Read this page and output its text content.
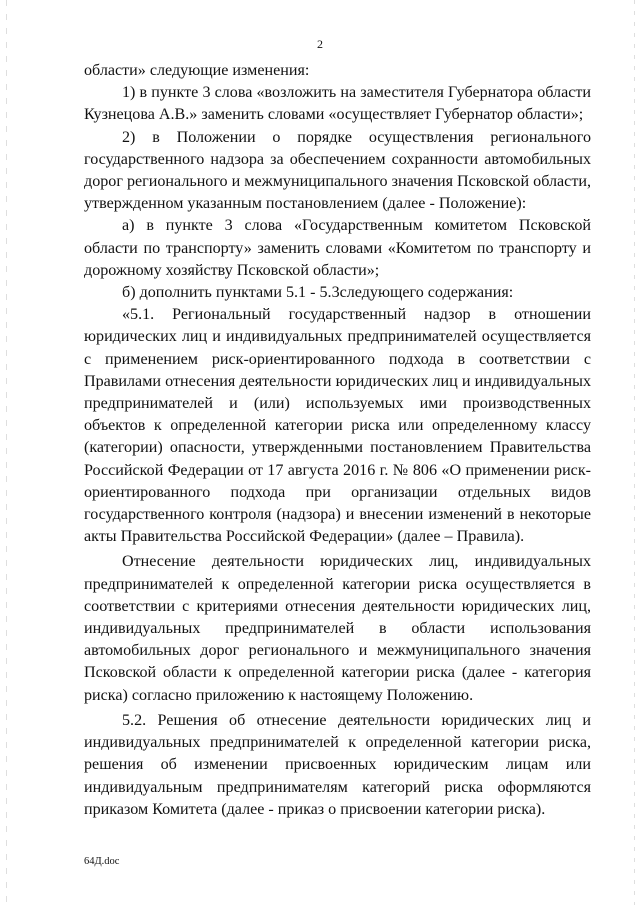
2

области» следующие изменения:

1) в пункте 3 слова «возложить на заместителя Губернатора области Кузнецова А.В.» заменить словами «осуществляет Губернатор области»;

2) в Положении о порядке осуществления регионального государственного надзора за обеспечением сохранности автомобильных дорог регионального и межмуниципального значения Псковской области, утвержденном указанным постановлением (далее - Положение):

а) в пункте 3 слова «Государственным комитетом Псковской области по транспорту» заменить словами «Комитетом по транспорту и дорожному хозяйству Псковской области»;

б) дополнить пунктами 5.1 - 5.3следующего содержания:

«5.1. Региональный государственный надзор в отношении юридических лиц и индивидуальных предпринимателей осуществляется с применением риск-ориентированного подхода в соответствии с Правилами отнесения деятельности юридических лиц и индивидуальных предпринимателей и (или) используемых ими производственных объектов к определенной категории риска или определенному классу (категории) опасности, утвержденными постановлением Правительства Российской Федерации от 17 августа 2016 г. № 806 «О применении риск-ориентированного подхода при организации отдельных видов государственного контроля (надзора) и внесении изменений в некоторые акты Правительства Российской Федерации» (далее – Правила).

Отнесение деятельности юридических лиц, индивидуальных предпринимателей к определенной категории риска осуществляется в соответствии с критериями отнесения деятельности юридических лиц, индивидуальных предпринимателей в области использования автомобильных дорог регионального и межмуниципального значения Псковской области к определенной категории риска (далее - категория риска) согласно приложению к настоящему Положению.

5.2. Решения об отнесение деятельности юридических лиц и индивидуальных предпринимателей к определенной категории риска, решения об изменении присвоенных юридическим лицам или индивидуальным предпринимателям категорий риска оформляются приказом Комитета (далее - приказ о присвоении категории риска).

64Д.doc
